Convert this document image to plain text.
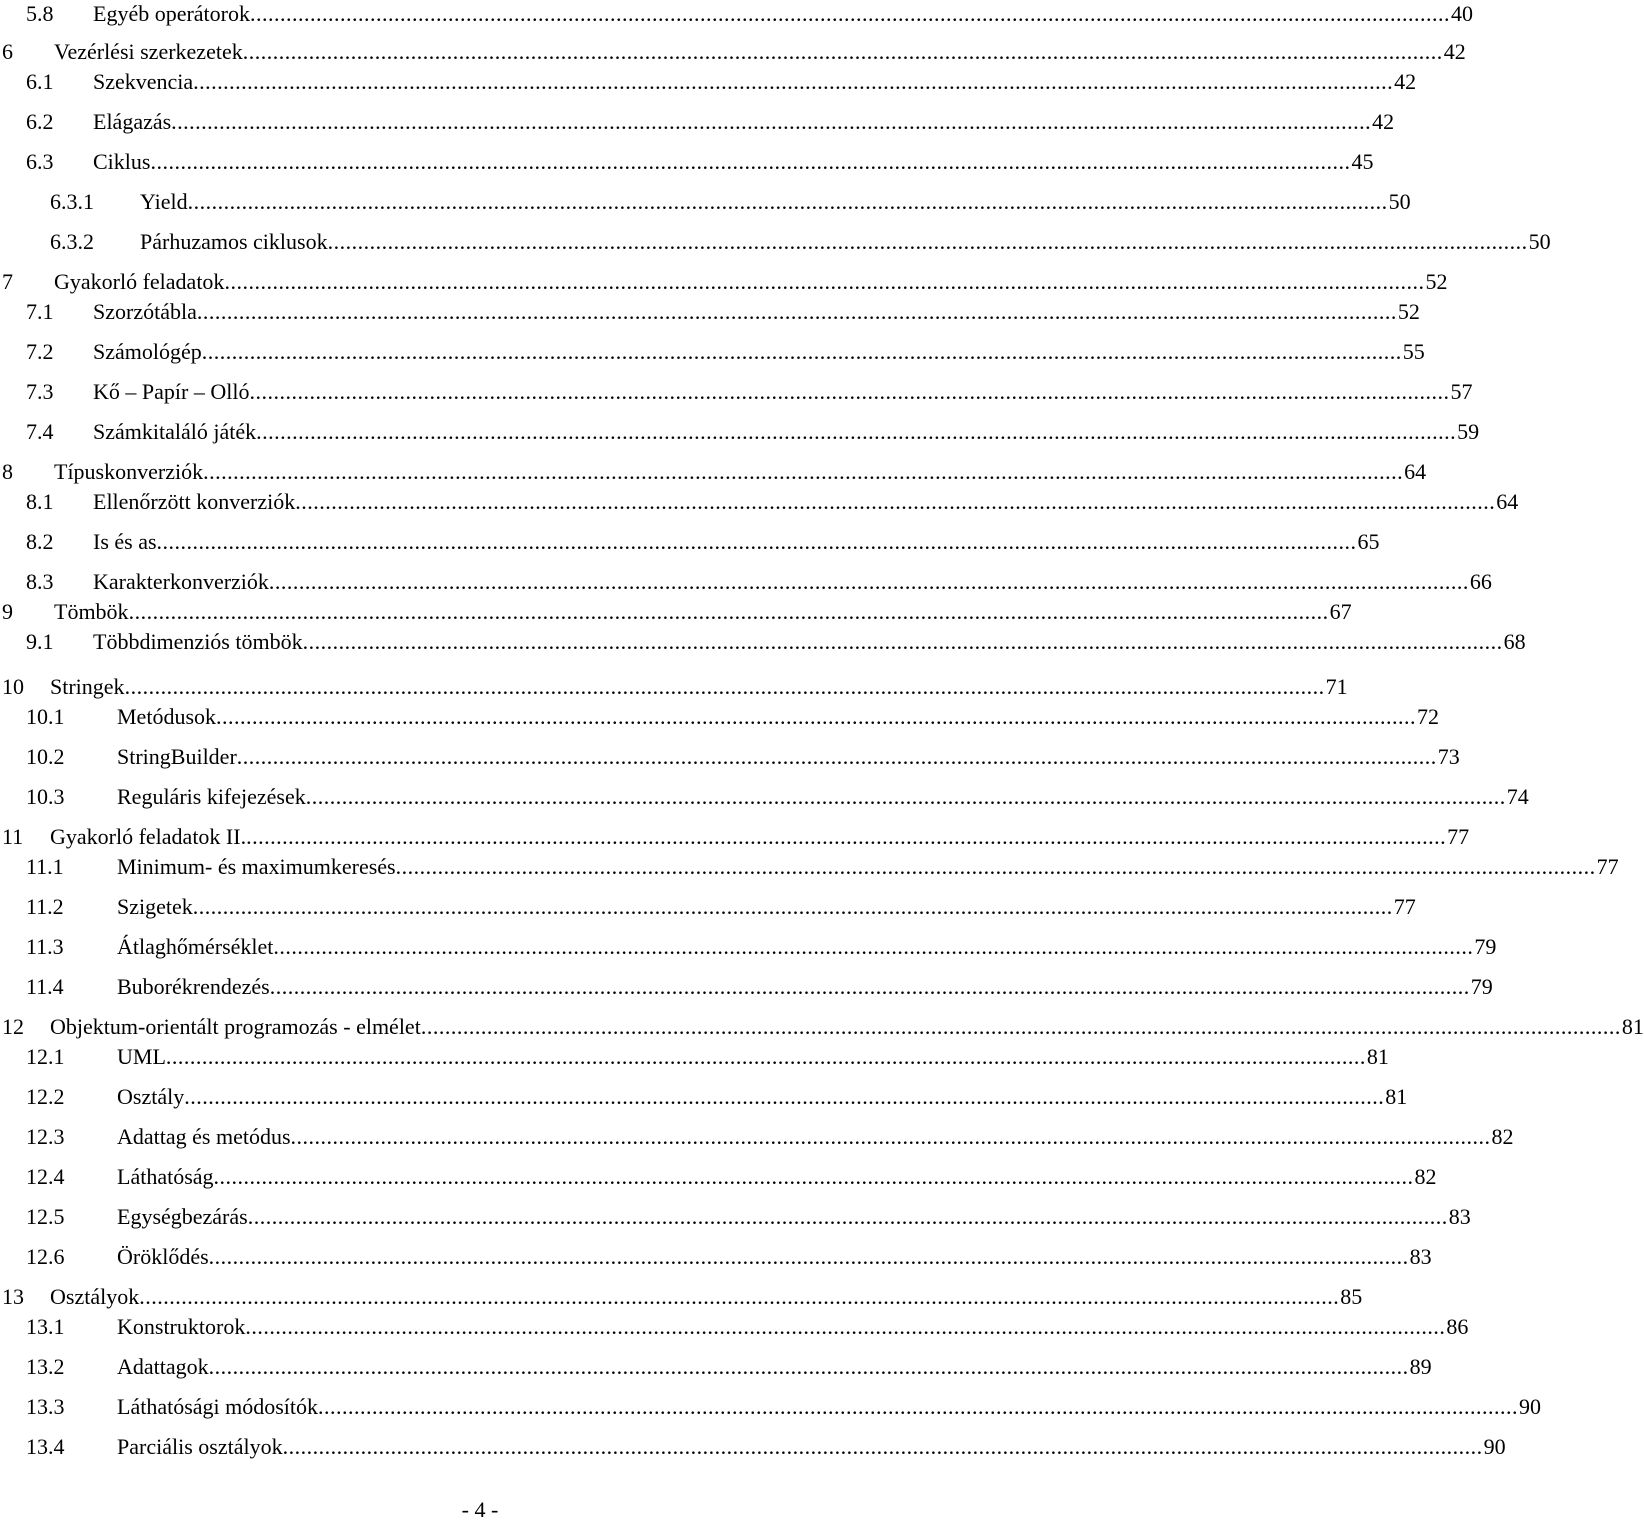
5.8 Egyéb operátorok ........................................................................................................................................................................................................ 40
6 Vezérlési szerkezetek ........................................................................................................................................................................................................ 42
6.1 Szekvencia ........................................................................................................................................................................................................ 42
6.2 Elágazás ........................................................................................................................................................................................................ 42
6.3 Ciklus ........................................................................................................................................................................................................ 45
6.3.1 Yield ........................................................................................................................................................................................................ 50
6.3.2 Párhuzamos ciklusok ........................................................................................................................................................................................................ 50
7 Gyakorló feladatok ........................................................................................................................................................................................................ 52
7.1 Szorzótábla ........................................................................................................................................................................................................ 52
7.2 Számológép ........................................................................................................................................................................................................ 55
7.3 Kő – Papír – Olló ........................................................................................................................................................................................................ 57
7.4 Számkitaláló játék ........................................................................................................................................................................................................ 59
8 Típuskonverziók ........................................................................................................................................................................................................ 64
8.1 Ellenőrzött konverziók ........................................................................................................................................................................................................ 64
8.2 Is és as ........................................................................................................................................................................................................ 65
8.3 Karakterkonverziók ........................................................................................................................................................................................................ 66
9 Tömbök ........................................................................................................................................................................................................ 67
9.1 Többdimenziós tömbök ........................................................................................................................................................................................................ 68
10 Stringek ........................................................................................................................................................................................................ 71
10.1 Metódusok ........................................................................................................................................................................................................ 72
10.2 StringBuilder ........................................................................................................................................................................................................ 73
10.3 Reguláris kifejezések ........................................................................................................................................................................................................ 74
11 Gyakorló feladatok II. ........................................................................................................................................................................................................ 77
11.1 Minimum- és maximumkeresés ........................................................................................................................................................................................................ 77
11.2 Szigetek ........................................................................................................................................................................................................ 77
11.3 Átlaghőmérséklet ........................................................................................................................................................................................................ 79
11.4 Buborékrendezés ........................................................................................................................................................................................................ 79
12 Objektum-orientált programozás - elmélet ........................................................................................................................................................................................................ 81
12.1 UML ........................................................................................................................................................................................................ 81
12.2 Osztály ........................................................................................................................................................................................................ 81
12.3 Adattag és metódus ........................................................................................................................................................................................................ 82
12.4 Láthatóság ........................................................................................................................................................................................................ 82
12.5 Egységbezárás ........................................................................................................................................................................................................ 83
12.6 Öröklődés ........................................................................................................................................................................................................ 83
13 Osztályok ........................................................................................................................................................................................................ 85
13.1 Konstruktorok ........................................................................................................................................................................................................ 86
13.2 Adattagok ........................................................................................................................................................................................................ 89
13.3 Láthatósági módosítók ........................................................................................................................................................................................................ 90
13.4 Parciális osztályok ........................................................................................................................................................................................................ 90
- 4 -
